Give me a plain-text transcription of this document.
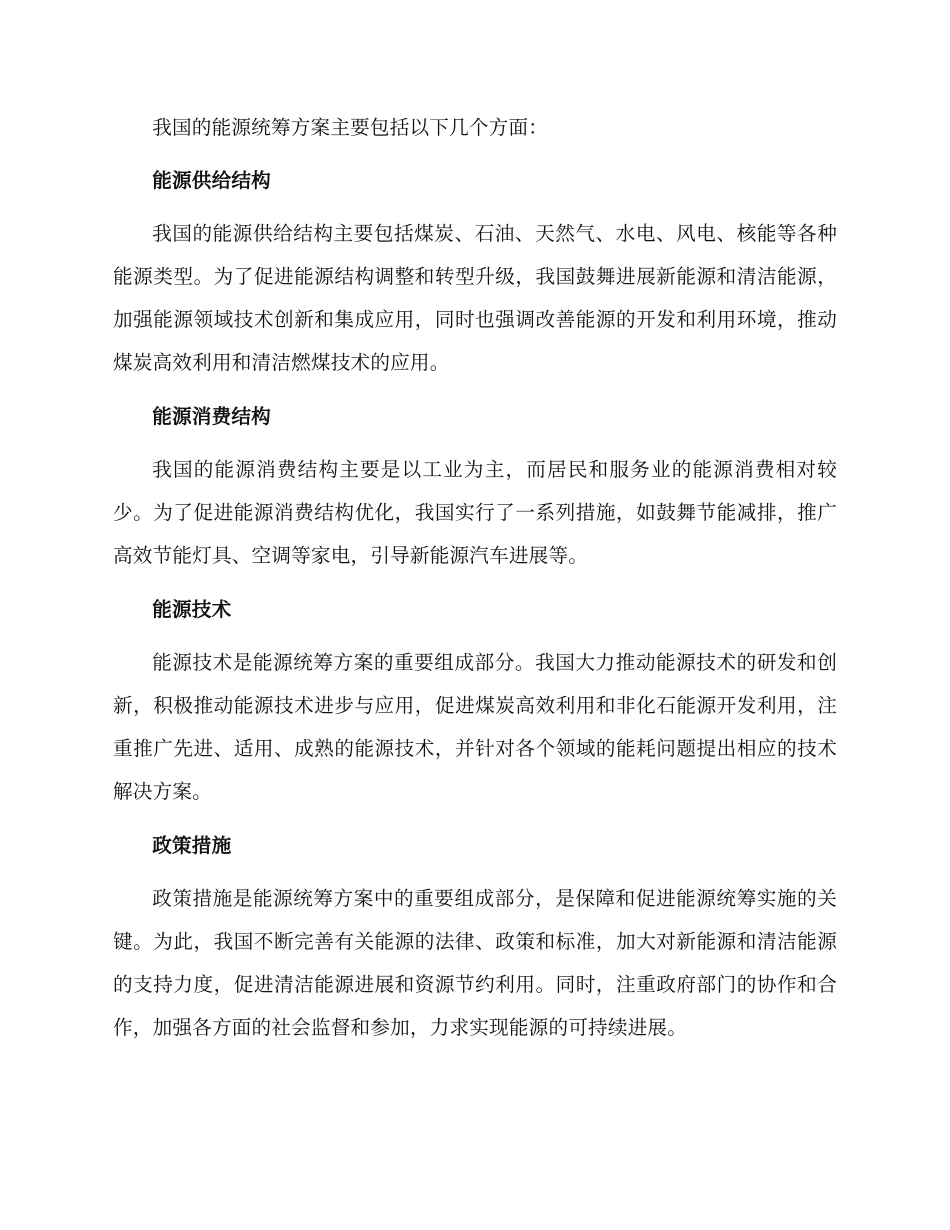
我国的能源统筹方案主要包括以下几个方面：

能源供给结构

我国的能源供给结构主要包括煤炭、石油、天然气、水电、风电、核能等各种能源类型。为了促进能源结构调整和转型升级，我国鼓舞进展新能源和清洁能源，加强能源领域技术创新和集成应用，同时也强调改善能源的开发和利用环境，推动煤炭高效利用和清洁燃煤技术的应用。

能源消费结构

我国的能源消费结构主要是以工业为主，而居民和服务业的能源消费相对较少。为了促进能源消费结构优化，我国实行了一系列措施，如鼓舞节能减排，推广高效节能灯具、空调等家电，引导新能源汽车进展等。

能源技术

能源技术是能源统筹方案的重要组成部分。我国大力推动能源技术的研发和创新，积极推动能源技术进步与应用，促进煤炭高效利用和非化石能源开发利用，注重推广先进、适用、成熟的能源技术，并针对各个领域的能耗问题提出相应的技术解决方案。

政策措施

政策措施是能源统筹方案中的重要组成部分，是保障和促进能源统筹实施的关键。为此，我国不断完善有关能源的法律、政策和标准，加大对新能源和清洁能源的支持力度，促进清洁能源进展和资源节约利用。同时，注重政府部门的协作和合作，加强各方面的社会监督和参加，力求实现能源的可持续进展。
